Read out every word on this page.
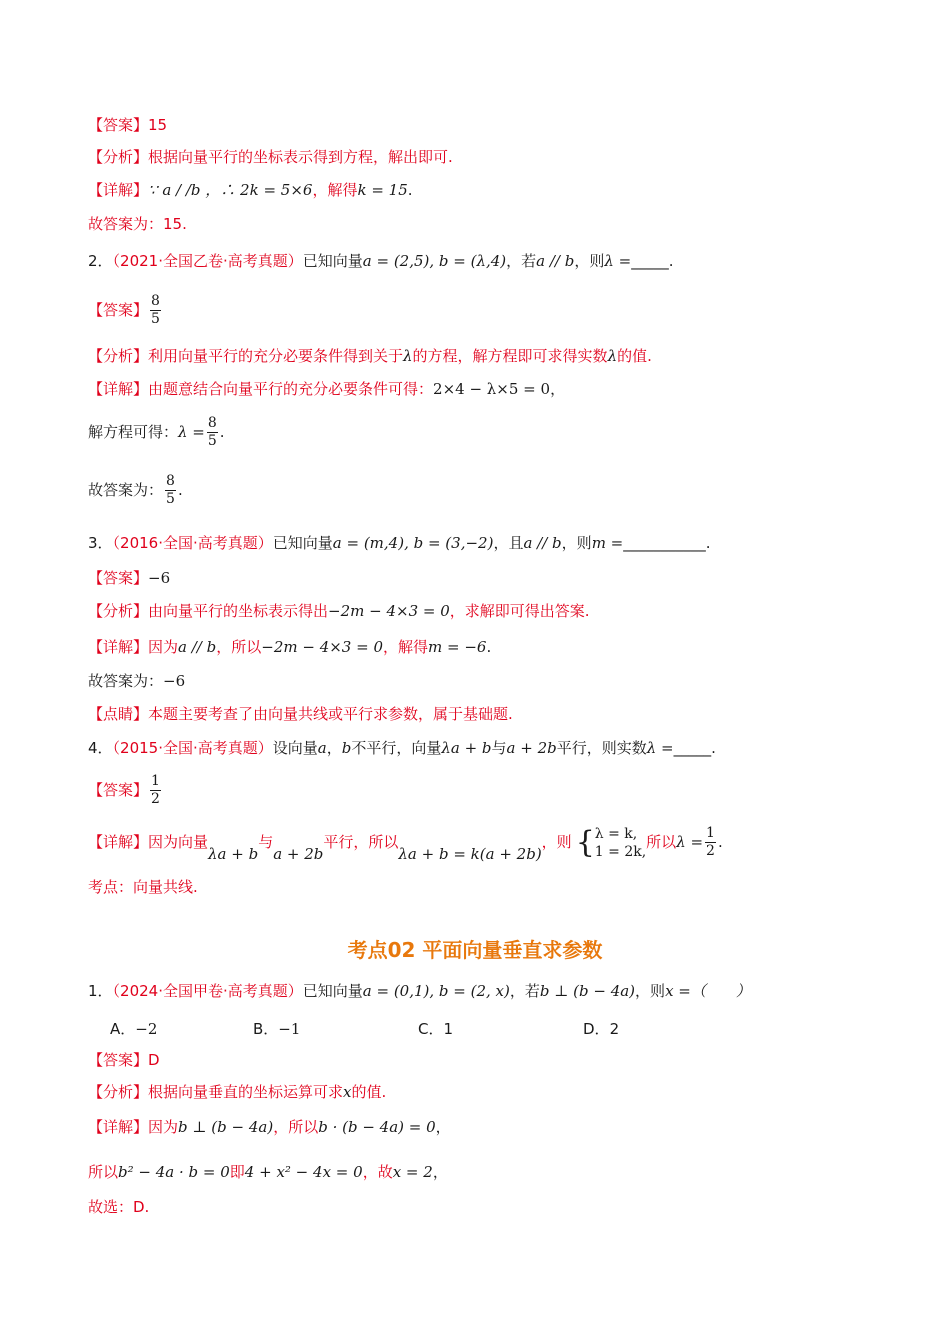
【答案】15
【分析】根据向量平行的坐标表示得到方程，解出即可.
【详解】∵ a / /b ，∴ 2k = 5×6，解得k = 15.
故答案为：15.
2．（2021·全国乙卷·高考真题）已知向量a = (2,5), b = (λ,4)，若a // b，则λ =_____.
【答案】 $\frac{8}{5}$
【分析】利用向量平行的充分必要条件得到关于λ的方程，解方程即可求得实数λ的值.
【详解】由题意结合向量平行的充分必要条件可得：2×4 − λ×5 = 0，
解方程可得：$\lambda = \frac{8}{5}$ .
故答案为： $\frac{8}{5}$ .
3．（2016·全国·高考真题）已知向量a = (m,4), b = (3,−2)，且a // b，则m =___________.
【答案】−6
【分析】由向量平行的坐标表示得出−2m − 4×3 = 0，求解即可得出答案.
【详解】因为a // b，所以−2m − 4×3 = 0，解得m = −6.
故答案为：−6
【点睛】本题主要考查了由向量共线或平行求参数，属于基础题.
4．（2015·全国·高考真题）设向量a，b不平行，向量λa + b与a + 2b平行，则实数λ =_____.
【答案】 $\frac{1}{2}$
【详解】因为向量λa + b与a + 2b平行，所以λa + b = k(a + 2b)，则 { λ = k,
1 = 2k,
所以$\lambda = \frac{1}{2}$ .
考点：向量共线.
考点02 平面向量垂直求参数
1．（2024·全国甲卷·高考真题）已知向量a = (0,1), b = (2, x)，若b ⊥ (b − 4a)，则x =（　　）
A．−2	B．−1	C．1	D．2
【答案】D
【分析】根据向量垂直的坐标运算可求x的值.
【详解】因为b ⊥ (b − 4a)，所以b · (b − 4a) = 0，
所以b² − 4a · b = 0即4 + x² − 4x = 0，故x = 2，
故选：D.
